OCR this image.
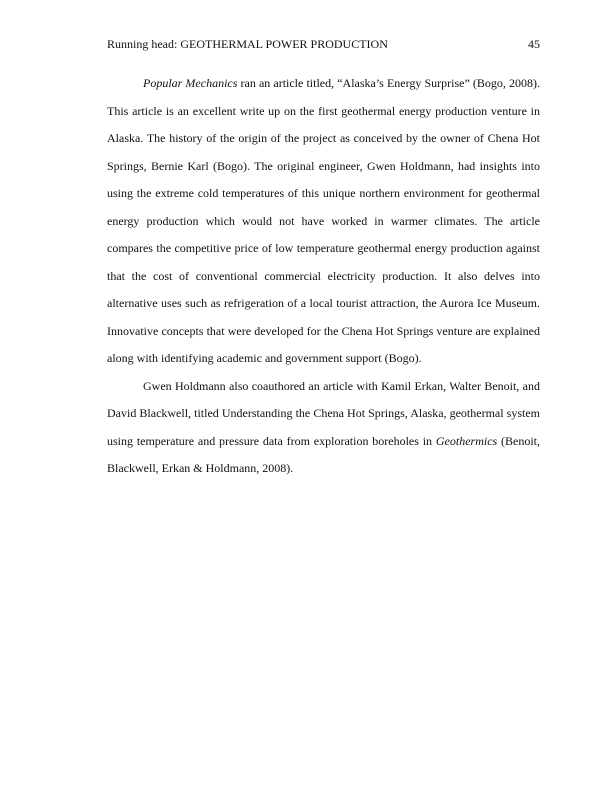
Running head: GEOTHERMAL POWER PRODUCTION	45

Popular Mechanics ran an article titled, “Alaska’s Energy Surprise” (Bogo, 2008). This article is an excellent write up on the first geothermal energy production venture in Alaska. The history of the origin of the project as conceived by the owner of Chena Hot Springs, Bernie Karl (Bogo). The original engineer, Gwen Holdmann, had insights into using the extreme cold temperatures of this unique northern environment for geothermal energy production which would not have worked in warmer climates. The article compares the competitive price of low temperature geothermal energy production against that the cost of conventional commercial electricity production. It also delves into alternative uses such as refrigeration of a local tourist attraction, the Aurora Ice Museum. Innovative concepts that were developed for the Chena Hot Springs venture are explained along with identifying academic and government support (Bogo).

Gwen Holdmann also coauthored an article with Kamil Erkan, Walter Benoit, and David Blackwell, titled Understanding the Chena Hot Springs, Alaska, geothermal system using temperature and pressure data from exploration boreholes in Geothermics (Benoit, Blackwell, Erkan & Holdmann, 2008).
